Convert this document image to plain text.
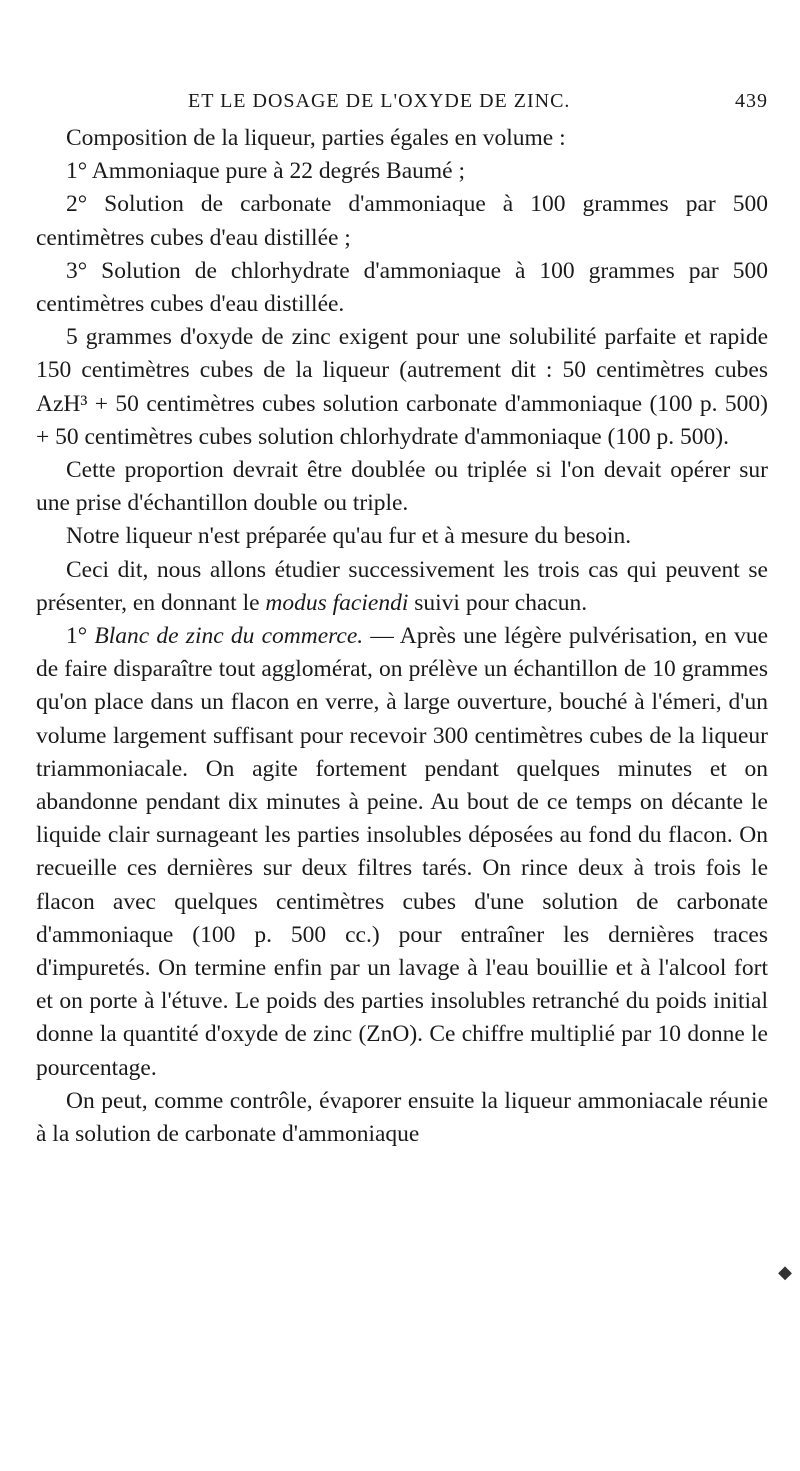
ET LE DOSAGE DE L'OXYDE DE ZINC.	439

Composition de la liqueur, parties égales en volume :

1° Ammoniaque pure à 22 degrés Baumé ;

2° Solution de carbonate d'ammoniaque à 100 grammes par 500 centimètres cubes d'eau distillée ;

3° Solution de chlorhydrate d'ammoniaque à 100 grammes par 500 centimètres cubes d'eau distillée.

5 grammes d'oxyde de zinc exigent pour une solubilité parfaite et rapide 150 centimètres cubes de la liqueur (autrement dit : 50 centimètres cubes AzH³ + 50 centimètres cubes solution carbonate d'ammoniaque (100 p. 500) + 50 centimètres cubes solution chlorhydrate d'ammoniaque (100 p. 500).

Cette proportion devrait être doublée ou triplée si l'on devait opérer sur une prise d'échantillon double ou triple.

Notre liqueur n'est préparée qu'au fur et à mesure du besoin.

Ceci dit, nous allons étudier successivement les trois cas qui peuvent se présenter, en donnant le modus faciendi suivi pour chacun.

1° Blanc de zinc du commerce. — Après une légère pulvérisation, en vue de faire disparaître tout agglomérat, on prélève un échantillon de 10 grammes qu'on place dans un flacon en verre, à large ouverture, bouché à l'émeri, d'un volume largement suffisant pour recevoir 300 centimètres cubes de la liqueur triammoniacale. On agite fortement pendant quelques minutes et on abandonne pendant dix minutes à peine. Au bout de ce temps on décante le liquide clair surnageant les parties insolubles déposées au fond du flacon. On recueille ces dernières sur deux filtres tarés. On rince deux à trois fois le flacon avec quelques centimètres cubes d'une solution de carbonate d'ammoniaque (100 p. 500 cc.) pour entraîner les dernières traces d'impuretés. On termine enfin par un lavage à l'eau bouillie et à l'alcool fort et on porte à l'étuve. Le poids des parties insolubles retranché du poids initial donne la quantité d'oxyde de zinc (ZnO). Ce chiffre multiplié par 10 donne le pourcentage.

On peut, comme contrôle, évaporer ensuite la liqueur ammoniacale réunie à la solution de carbonate d'ammoniaque

◆
